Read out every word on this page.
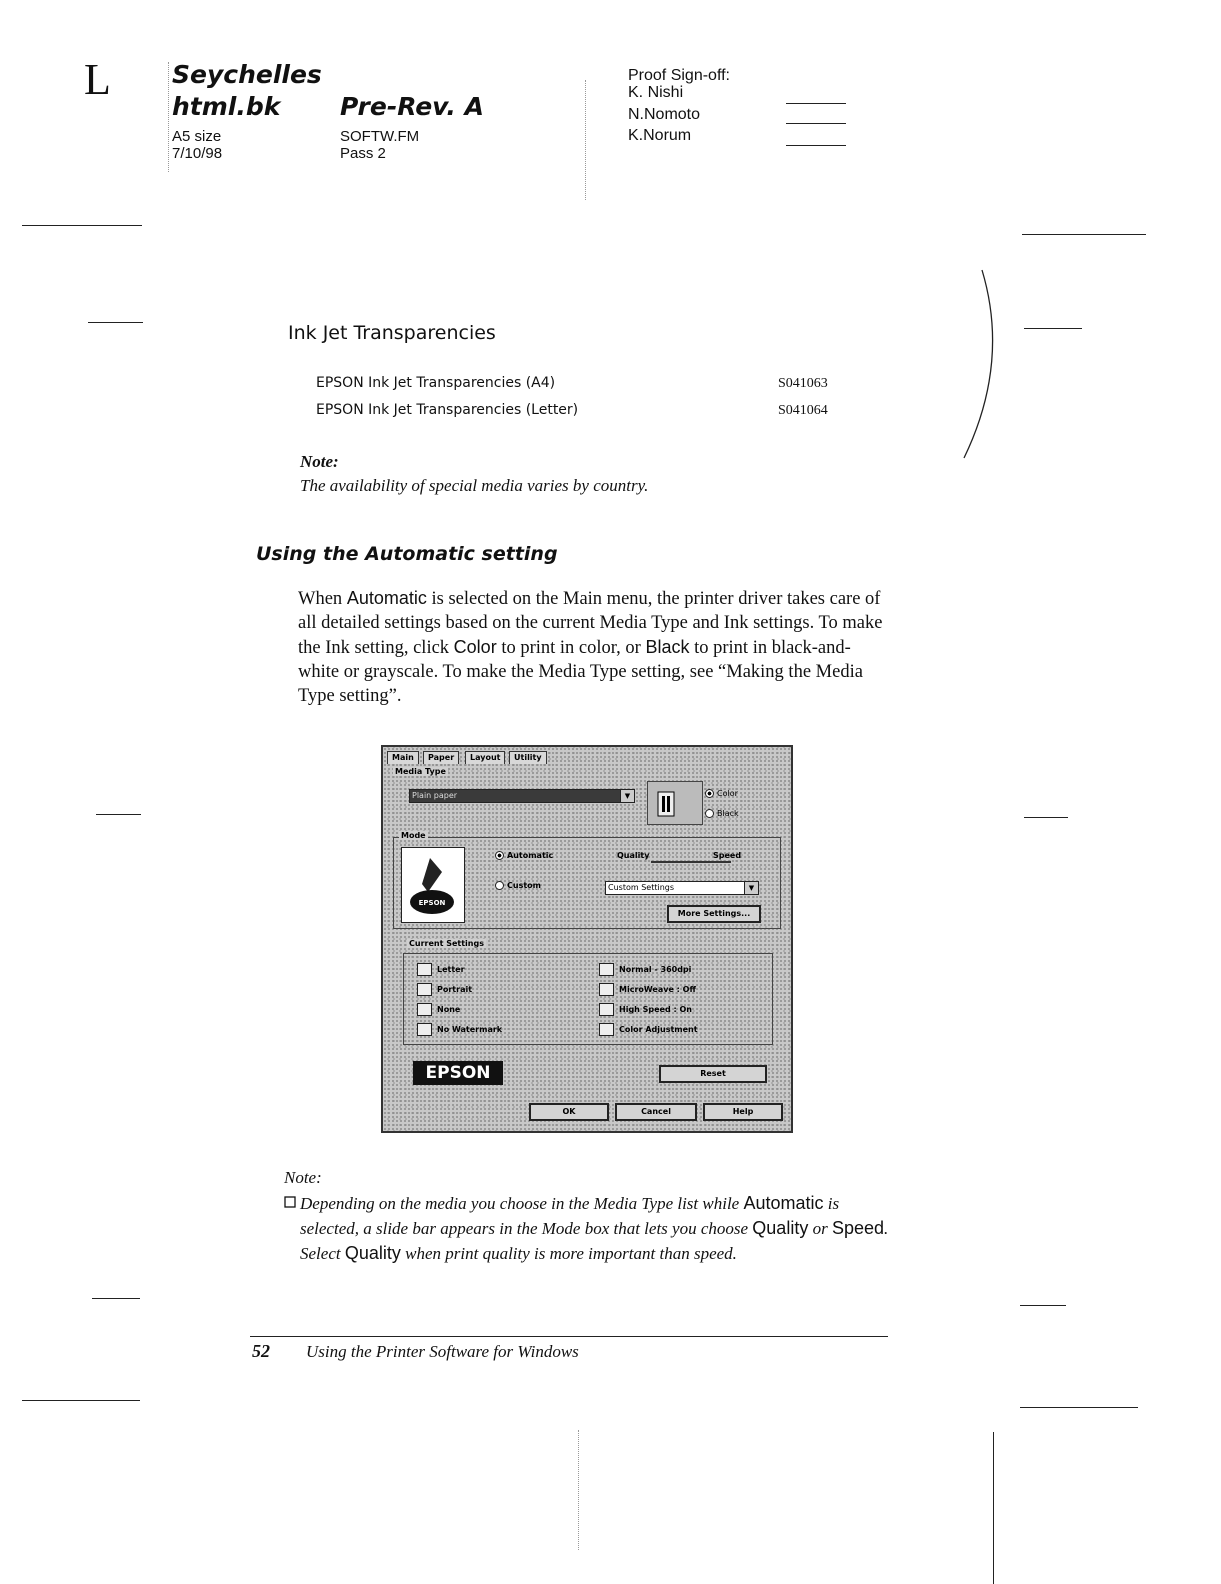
L Seychelles
html.bk Pre-Rev. A
A5 size
7/10/98
SOFTW.FM
Pass 2
Proof Sign-off:
K. Nishi
N.Nomoto
K.Norum
Ink Jet Transparencies
EPSON Ink Jet Transparencies (A4)	S041063
EPSON Ink Jet Transparencies (Letter)	S041064
Note:
The availability of special media varies by country.
Using the Automatic setting
When Automatic is selected on the Main menu, the printer driver takes care of all detailed settings based on the current Media Type and Ink settings. To make the Ink setting, click Color to print in color, or Black to print in black-and-white or grayscale. To make the Media Type setting, see “Making the Media Type setting”.
Main	Paper	Layout	Utility
Media Type
Plain paper	▼	Color
Black
Mode
EPSON
Automatic
Custom
Quality	Speed
Custom Settings	▼
More Settings...
Current Settings
Letter
Portrait
None
No Watermark
Normal - 360dpi
MicroWeave : Off
High Speed : On
Color Adjustment
EPSON	Reset
OK	Cancel	Help
Note:
Depending on the media you choose in the Media Type list while Automatic is selected, a slide bar appears in the Mode box that lets you choose Quality or Speed. Select Quality when print quality is more important than speed.
52 Using the Printer Software for Windows
